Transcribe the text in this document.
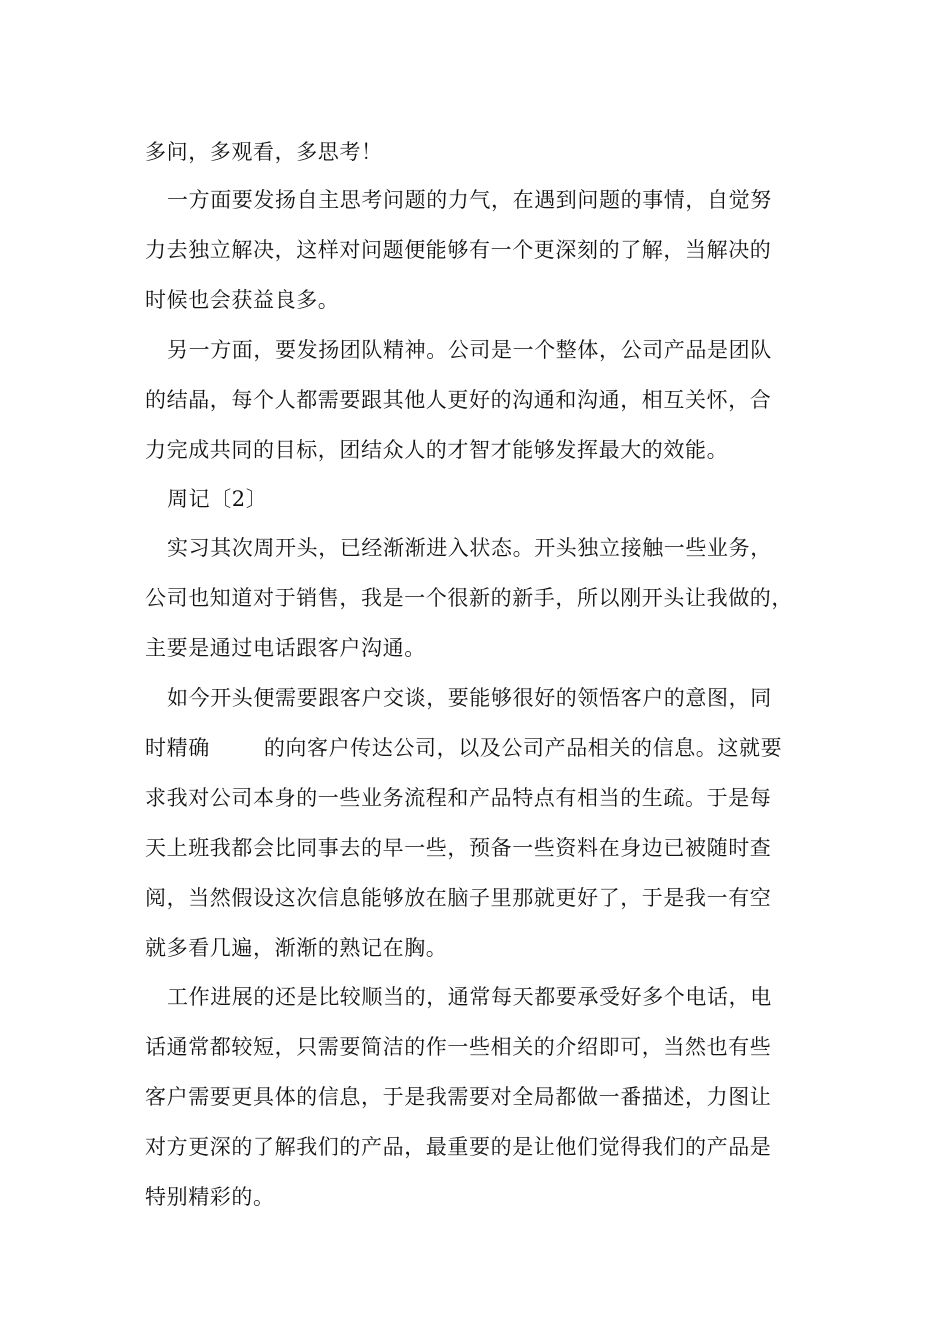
多问，多观看，多思考！
一方面要发扬自主思考问题的力气，在遇到问题的事情，自觉努
力去独立解决，这样对问题便能够有一个更深刻的了解，当解决的
时候也会获益良多。
另一方面，要发扬团队精神。公司是一个整体，公司产品是团队
的结晶，每个人都需要跟其他人更好的沟通和沟通，相互关怀，合
力完成共同的目标，团结众人的才智才能够发挥最大的效能。
周记〔2〕
实习其次周开头，已经渐渐进入状态。开头独立接触一些业务，
公司也知道对于销售，我是一个很新的新手，所以刚开头让我做的，
主要是通过电话跟客户沟通。
如今开头便需要跟客户交谈，要能够很好的领悟客户的意图，同
时精确	的向客户传达公司，以及公司产品相关的信息。这就要
求我对公司本身的一些业务流程和产品特点有相当的生疏。于是每
天上班我都会比同事去的早一些，预备一些资料在身边已被随时查
阅，当然假设这次信息能够放在脑子里那就更好了，于是我一有空
就多看几遍，渐渐的熟记在胸。
工作进展的还是比较顺当的，通常每天都要承受好多个电话，电
话通常都较短，只需要简洁的作一些相关的介绍即可，当然也有些
客户需要更具体的信息，于是我需要对全局都做一番描述，力图让
对方更深的了解我们的产品，最重要的是让他们觉得我们的产品是
特别精彩的。
